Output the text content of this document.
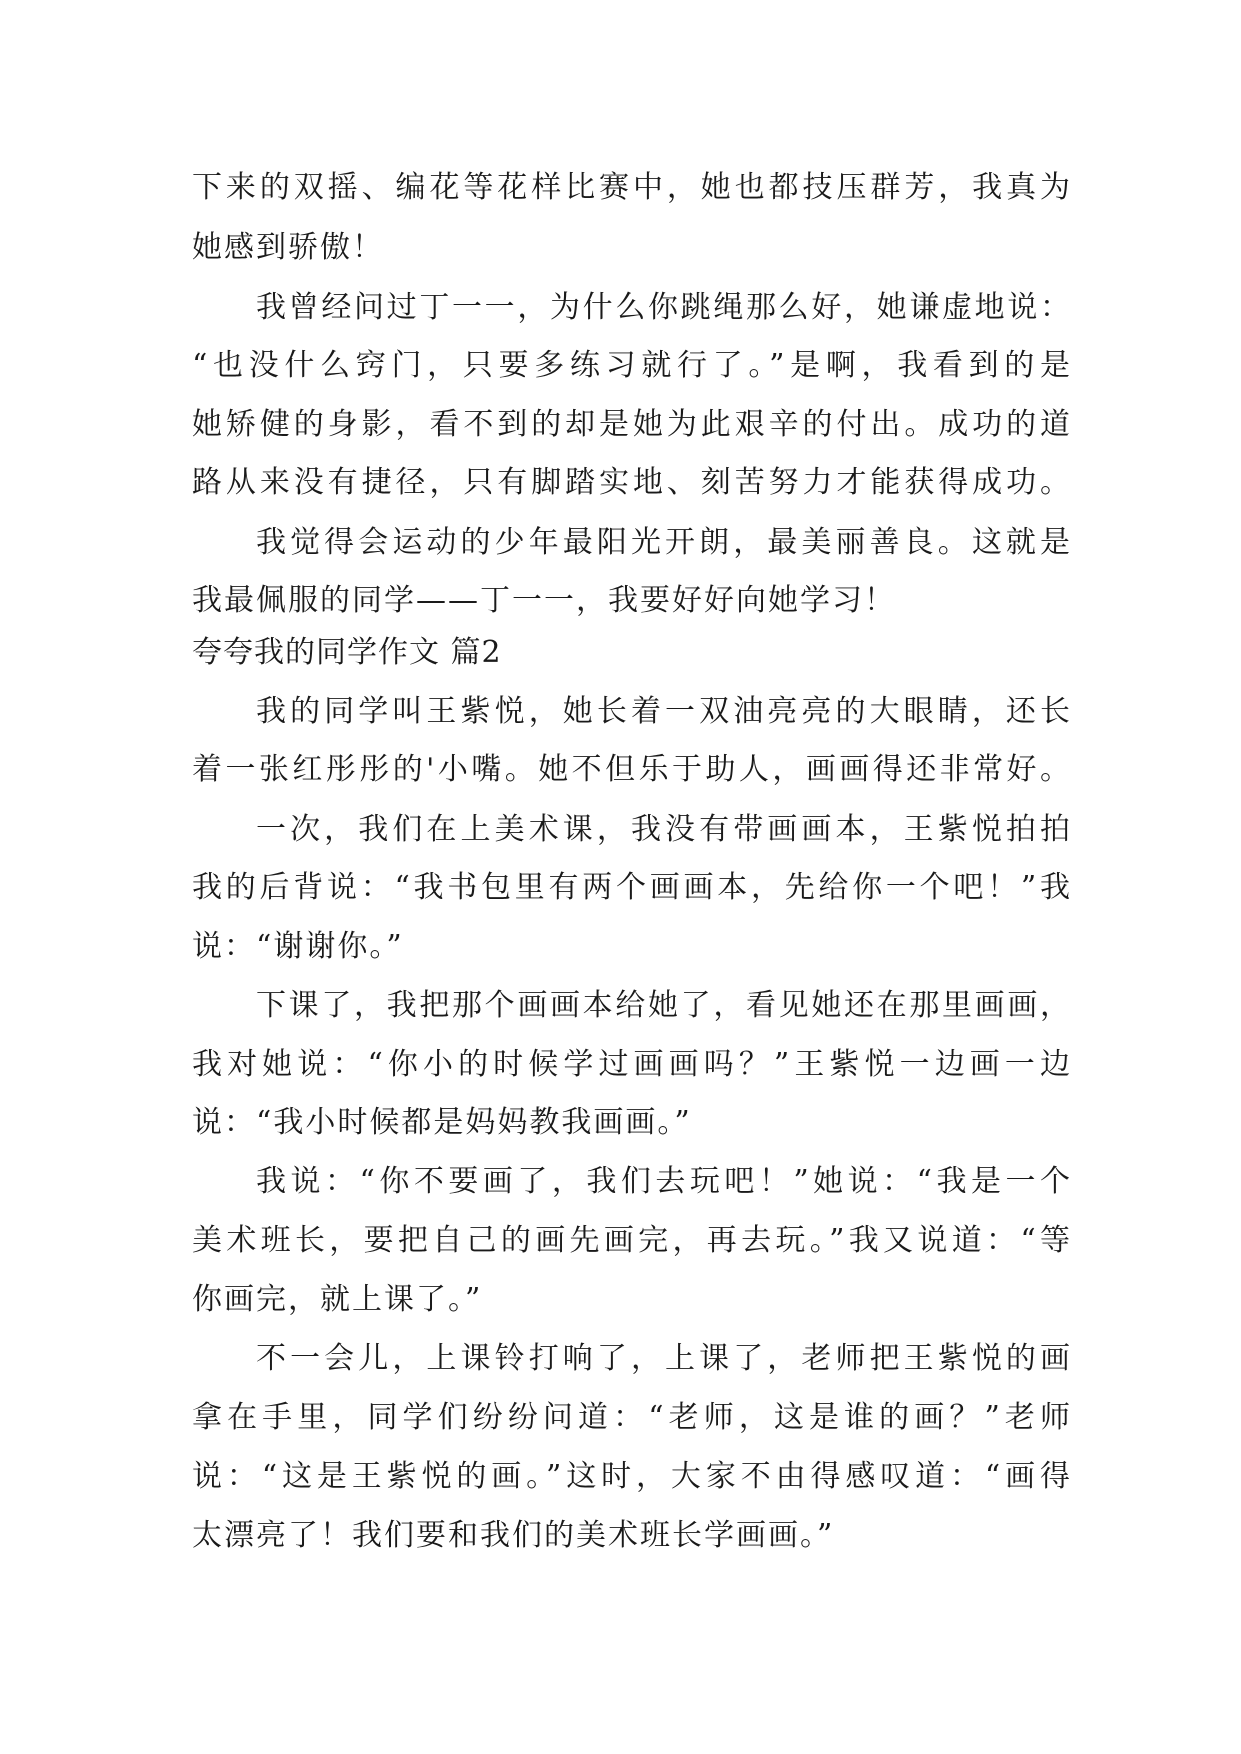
下来的双摇、编花等花样比赛中，她也都技压群芳，我真为
她感到骄傲！
我曾经问过丁一一，为什么你跳绳那么好，她谦虚地说：
“也没什么窍门，只要多练习就行了。”是啊，我看到的是
她矫健的身影，看不到的却是她为此艰辛的付出。成功的道
路从来没有捷径，只有脚踏实地、刻苦努力才能获得成功。
我觉得会运动的少年最阳光开朗，最美丽善良。这就是
我最佩服的同学——丁一一，我要好好向她学习！
夸夸我的同学作文 篇2
我的同学叫王紫悦，她长着一双油亮亮的大眼睛，还长
着一张红彤彤的'小嘴。她不但乐于助人，画画得还非常好。
一次，我们在上美术课，我没有带画画本，王紫悦拍拍
我的后背说：“我书包里有两个画画本，先给你一个吧！”我
说：“谢谢你。”
下课了，我把那个画画本给她了，看见她还在那里画画，
我对她说：“你小的时候学过画画吗？”王紫悦一边画一边
说：“我小时候都是妈妈教我画画。”
我说：“你不要画了，我们去玩吧！”她说：“我是一个
美术班长，要把自己的画先画完，再去玩。”我又说道：“等
你画完，就上课了。”
不一会儿，上课铃打响了，上课了，老师把王紫悦的画
拿在手里，同学们纷纷问道：“老师，这是谁的画？”老师
说：“这是王紫悦的画。”这时，大家不由得感叹道：“画得
太漂亮了！我们要和我们的美术班长学画画。”
